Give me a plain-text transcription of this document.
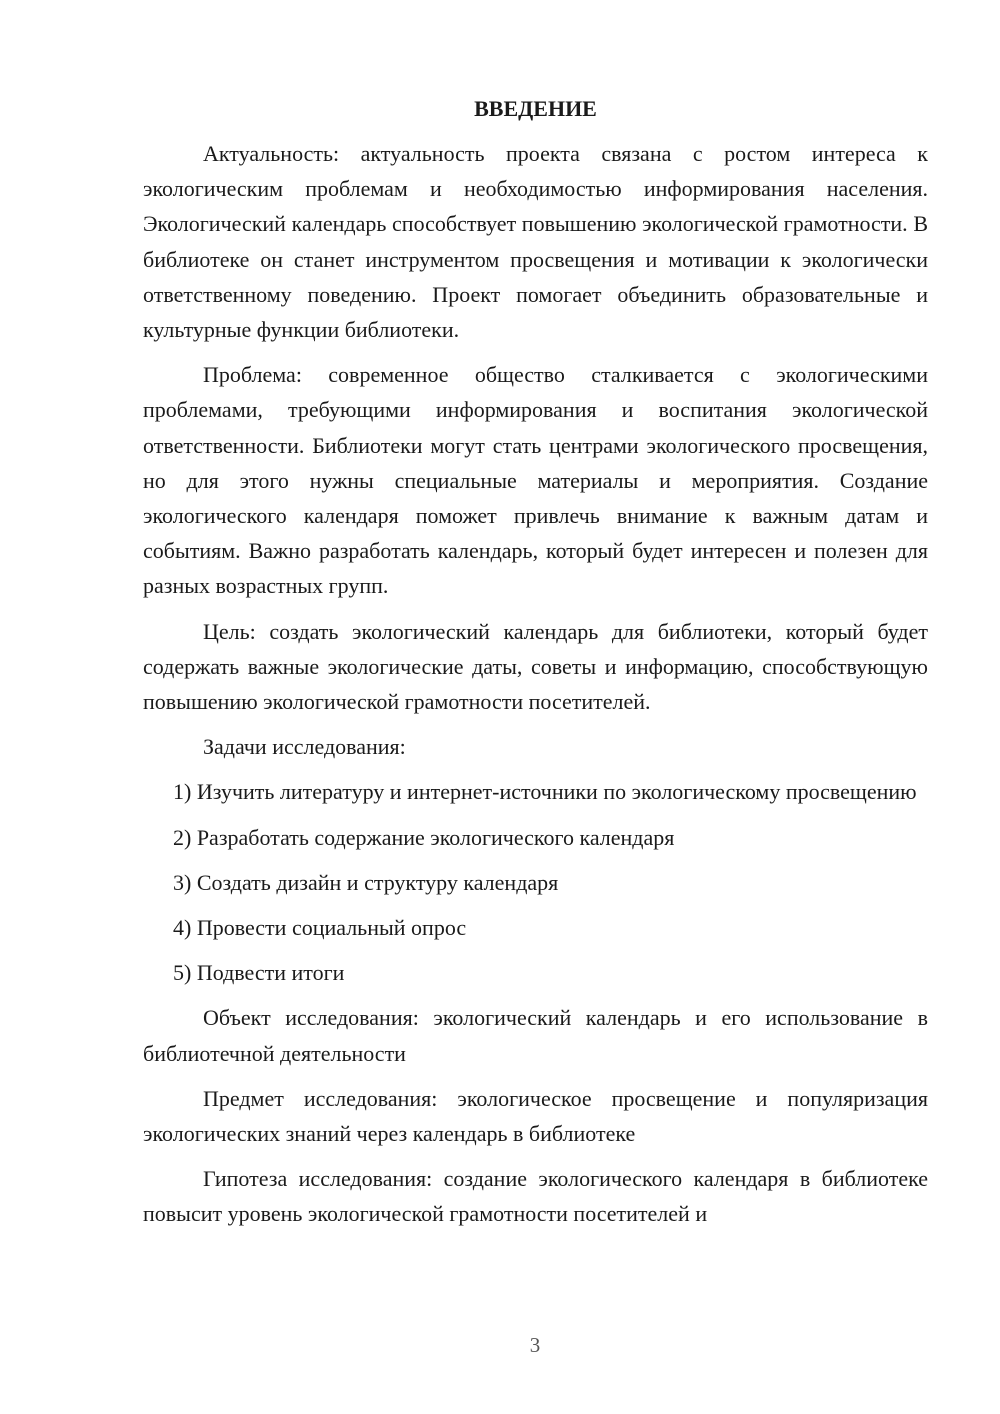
ВВЕДЕНИЕ

Актуальность: актуальность проекта связана с ростом интереса к экологическим проблемам и необходимостью информирования населения. Экологический календарь способствует повышению экологической грамотности. В библиотеке он станет инструментом просвещения и мотивации к экологически ответственному поведению. Проект помогает объединить образовательные и культурные функции библиотеки.

Проблема: современное общество сталкивается с экологическими проблемами, требующими информирования и воспитания экологической ответственности. Библиотеки могут стать центрами экологического просвещения, но для этого нужны специальные материалы и мероприятия. Создание экологического календаря поможет привлечь внимание к важным датам и событиям. Важно разработать календарь, который будет интересен и полезен для разных возрастных групп.

Цель: создать экологический календарь для библиотеки, который будет содержать важные экологические даты, советы и информацию, способствующую повышению экологической грамотности посетителей.

Задачи исследования:

1) Изучить литературу и интернет-источники по экологическому просвещению

2) Разработать содержание экологического календаря

3) Создать дизайн и структуру календаря

4) Провести социальный опрос

5) Подвести итоги

Объект исследования: экологический календарь и его использование в библиотечной деятельности

Предмет исследования: экологическое просвещение и популяризация экологических знаний через календарь в библиотеке

Гипотеза исследования: создание экологического календаря в библиотеке повысит уровень экологической грамотности посетителей и

3
